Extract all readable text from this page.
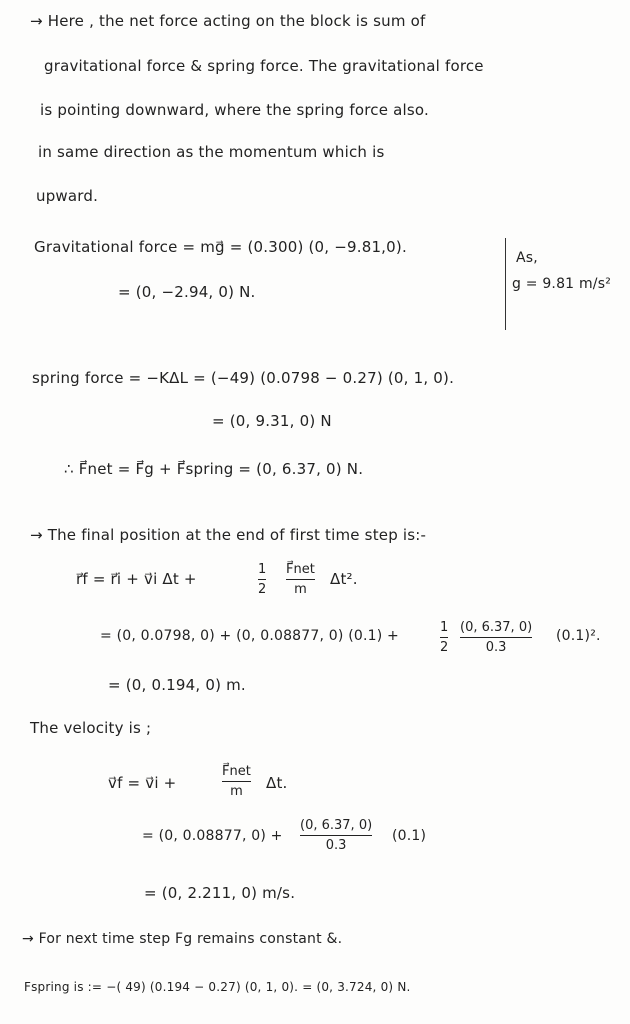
→ Here , the net force acting on the block is sum of
gravitational force & spring force. The gravitational force
is pointing downward, where the spring force also.
in same direction as the momentum which is
upward.
Gravitational force = mg⃗ = (0.300) (0, −9.81,0).
As,
g = 9.81 m/s²
= (0, −2.94, 0) N.
spring force = −KΔL = (−49) (0.0798 − 0.27) (0, 1, 0).
= (0, 9.31, 0) N
∴ F⃗net = F⃗g + F⃗spring = (0, 6.37, 0) N.
→ The final position at the end of first time step is:-
r⃗f = r⃗i + v⃗i Δt +
1
2
F⃗net
m
Δt².
= (0, 0.0798, 0) + (0, 0.08877, 0) (0.1) +
1
2
(0, 6.37, 0)
0.3
(0.1)².
= (0, 0.194, 0) m.
The velocity is ;
v⃗f = v⃗i +
F⃗net
m Δt.
= (0, 0.08877, 0) +
(0, 6.37, 0)
0.3
(0.1)
= (0, 2.211, 0) m/s.
→ For next time step Fg remains constant &.
Fspring is := −( 49) (0.194 − 0.27) (0, 1, 0). = (0, 3.724, 0) N.
